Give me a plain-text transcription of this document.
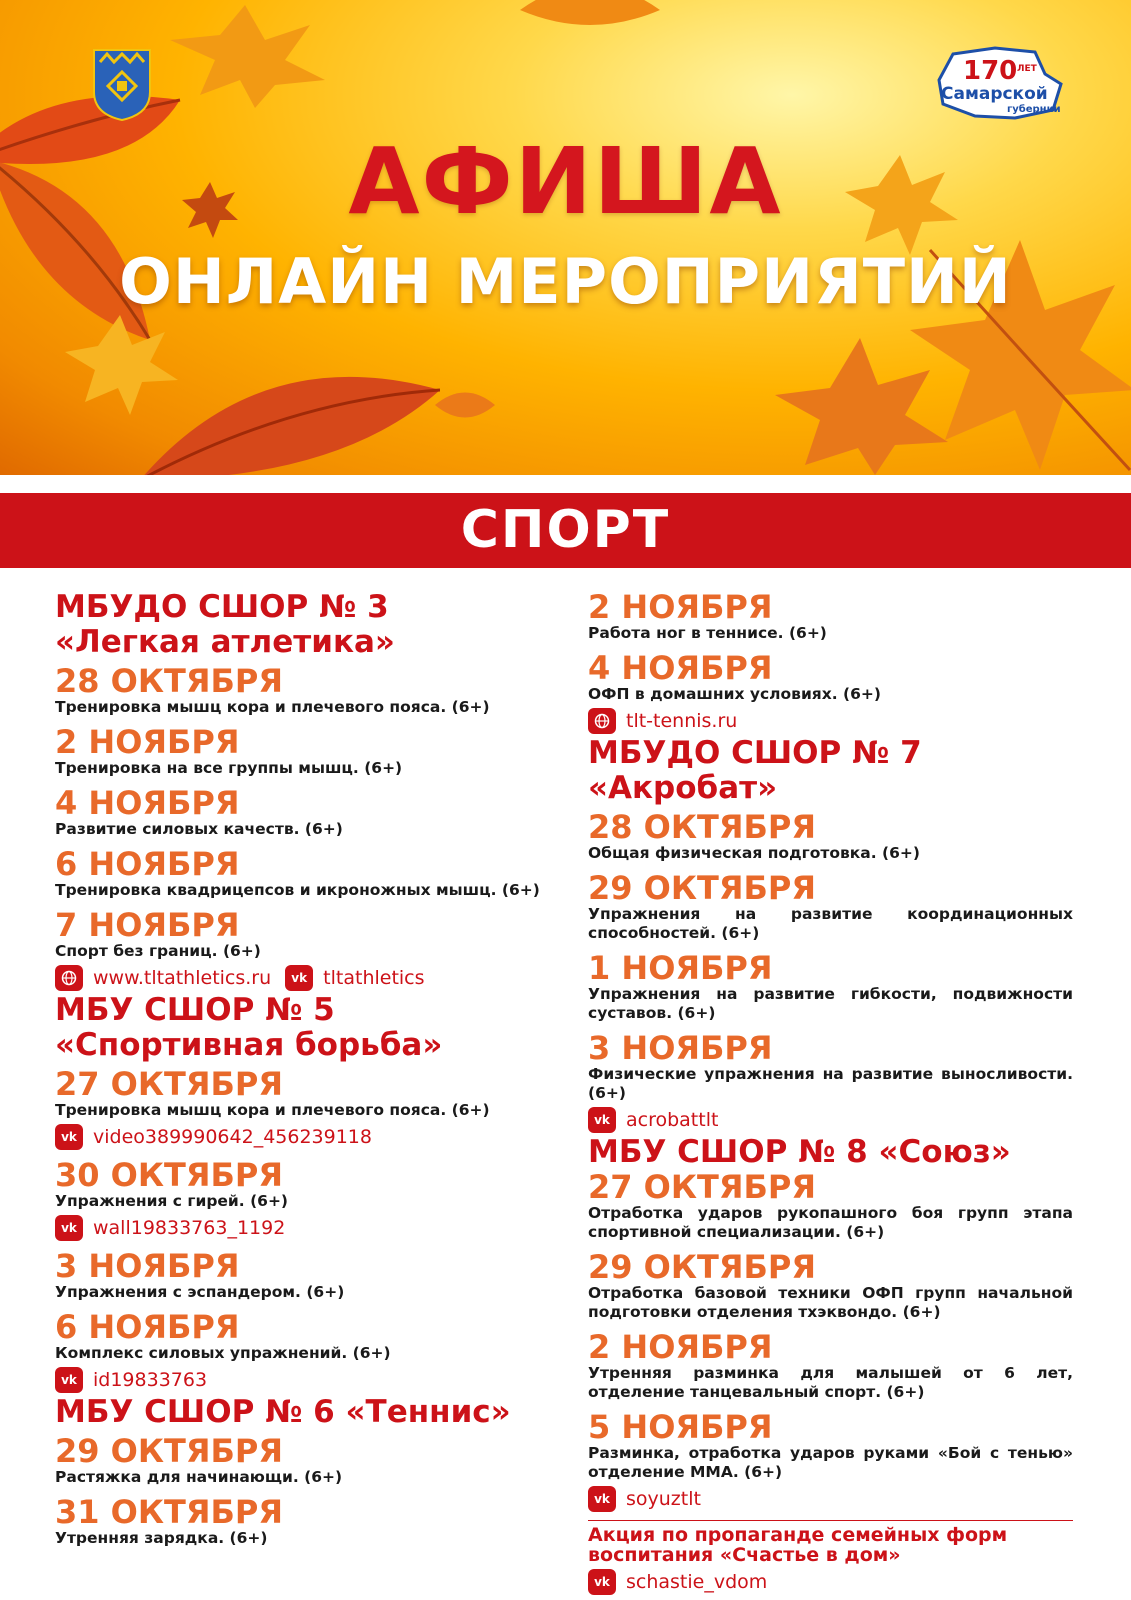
170 ЛЕТ
Самарской
губернии
АФИША
ОНЛАЙН МЕРОПРИЯТИЙ
СПОРТ
МБУДО СШОР № 3
«Легкая атлетика»
28 ОКТЯБРЯ
Тренировка мышц кора и плечевого пояса. (6+)
2 НОЯБРЯ
Тренировка на все группы мышц. (6+)
4 НОЯБРЯ
Развитие силовых качеств. (6+)
6 НОЯБРЯ
Тренировка квадрицепсов и икроножных мышц. (6+)
7 НОЯБРЯ
Спорт без границ. (6+)
www.tltathletics.ru	vk tltathletics
МБУ СШОР № 5
«Спортивная борьба»
27 ОКТЯБРЯ
Тренировка мышц кора и плечевого пояса. (6+)
vk video389990642_456239118
30 ОКТЯБРЯ
Упражнения с гирей. (6+)
vk wall19833763_1192
3 НОЯБРЯ
Упражнения с эспандером. (6+)
6 НОЯБРЯ
Комплекс силовых упражнений. (6+)
vk id19833763
МБУ СШОР № 6 «Теннис»
29 ОКТЯБРЯ
Растяжка для начинающи. (6+)
31 ОКТЯБРЯ
Утренняя зарядка. (6+)
2 НОЯБРЯ
Работа ног в теннисе. (6+)
4 НОЯБРЯ
ОФП в домашних условиях. (6+)
tlt-tennis.ru
МБУДО СШОР № 7
«Акробат»
28 ОКТЯБРЯ
Общая физическая подготовка. (6+)
29 ОКТЯБРЯ
Упражнения на развитие координационных способностей. (6+)
1 НОЯБРЯ
Упражнения на развитие гибкости, подвижности суставов. (6+)
3 НОЯБРЯ
Физические упражнения на развитие выносливости. (6+)
vk acrobattlt
МБУ СШОР № 8 «Союз»
27 ОКТЯБРЯ
Отработка ударов рукопашного боя групп этапа спортивной специализации. (6+)
29 ОКТЯБРЯ
Отработка базовой техники ОФП групп начальной подготовки отделения тхэквондо. (6+)
2 НОЯБРЯ
Утренняя разминка для малышей от 6 лет, отделение танцевальный спорт. (6+)
5 НОЯБРЯ
Разминка, отработка ударов руками «Бой с тенью» отделение ММА. (6+)
vk soyuztlt
Акция по пропаганде семейных форм воспитания «Счастье в дом»
vk schastie_vdom
